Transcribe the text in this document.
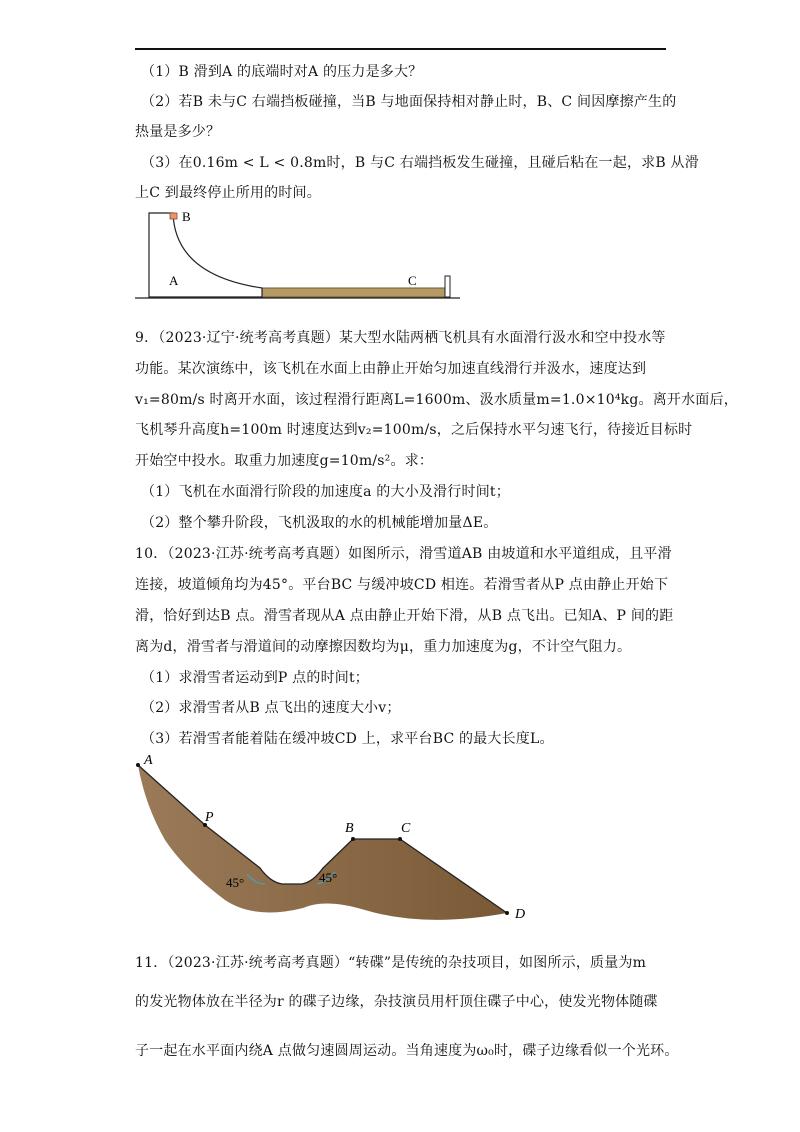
（1）B 滑到A 的底端时对A 的压力是多大？
（2）若B 未与C 右端挡板碰撞，当B 与地面保持相对静止时，B、C 间因摩擦产生的
热量是多少？
（3）在0.16m < L < 0.8m时，B 与C 右端挡板发生碰撞，且碰后粘在一起，求B 从滑
上C 到最终停止所用的时间。
B
A	C
9．（2023·辽宁·统考高考真题）某大型水陆两栖飞机具有水面滑行汲水和空中投水等
功能。某次演练中，该飞机在水面上由静止开始匀加速直线滑行并汲水，速度达到
v₁=80m/s 时离开水面，该过程滑行距离L=1600m、汲水质量m=1.0×10⁴kg。离开水面后，
飞机琴升高度h=100m 时速度达到v₂=100m/s，之后保持水平匀速飞行，待接近目标时
开始空中投水。取重力加速度g=10m/s²。求：
（1）飞机在水面滑行阶段的加速度a 的大小及滑行时间t；
（2）整个攀升阶段，飞机汲取的水的机械能增加量ΔE。
10．（2023·江苏·统考高考真题）如图所示，滑雪道AB 由坡道和水平道组成，且平滑
连接，坡道倾角均为45°。平台BC 与缓冲坡CD 相连。若滑雪者从P 点由静止开始下
滑，恰好到达B 点。滑雪者现从A 点由静止开始下滑，从B 点飞出。已知A、P 间的距
离为d，滑雪者与滑道间的动摩擦因数均为μ，重力加速度为g，不计空气阻力。
（1）求滑雪者运动到P 点的时间t；
（2）求滑雪者从B 点飞出的速度大小v；
（3）若滑雪者能着陆在缓冲坡CD 上，求平台BC 的最大长度L。
A
P
B	C
D
45°	45°
11．（2023·江苏·统考高考真题）“转碟”是传统的杂技项目，如图所示，质量为m
的发光物体放在半径为r 的碟子边缘，杂技演员用杆顶住碟子中心，使发光物体随碟
子一起在水平面内绕A 点做匀速圆周运动。当角速度为ω₀时，碟子边缘看似一个光环。
